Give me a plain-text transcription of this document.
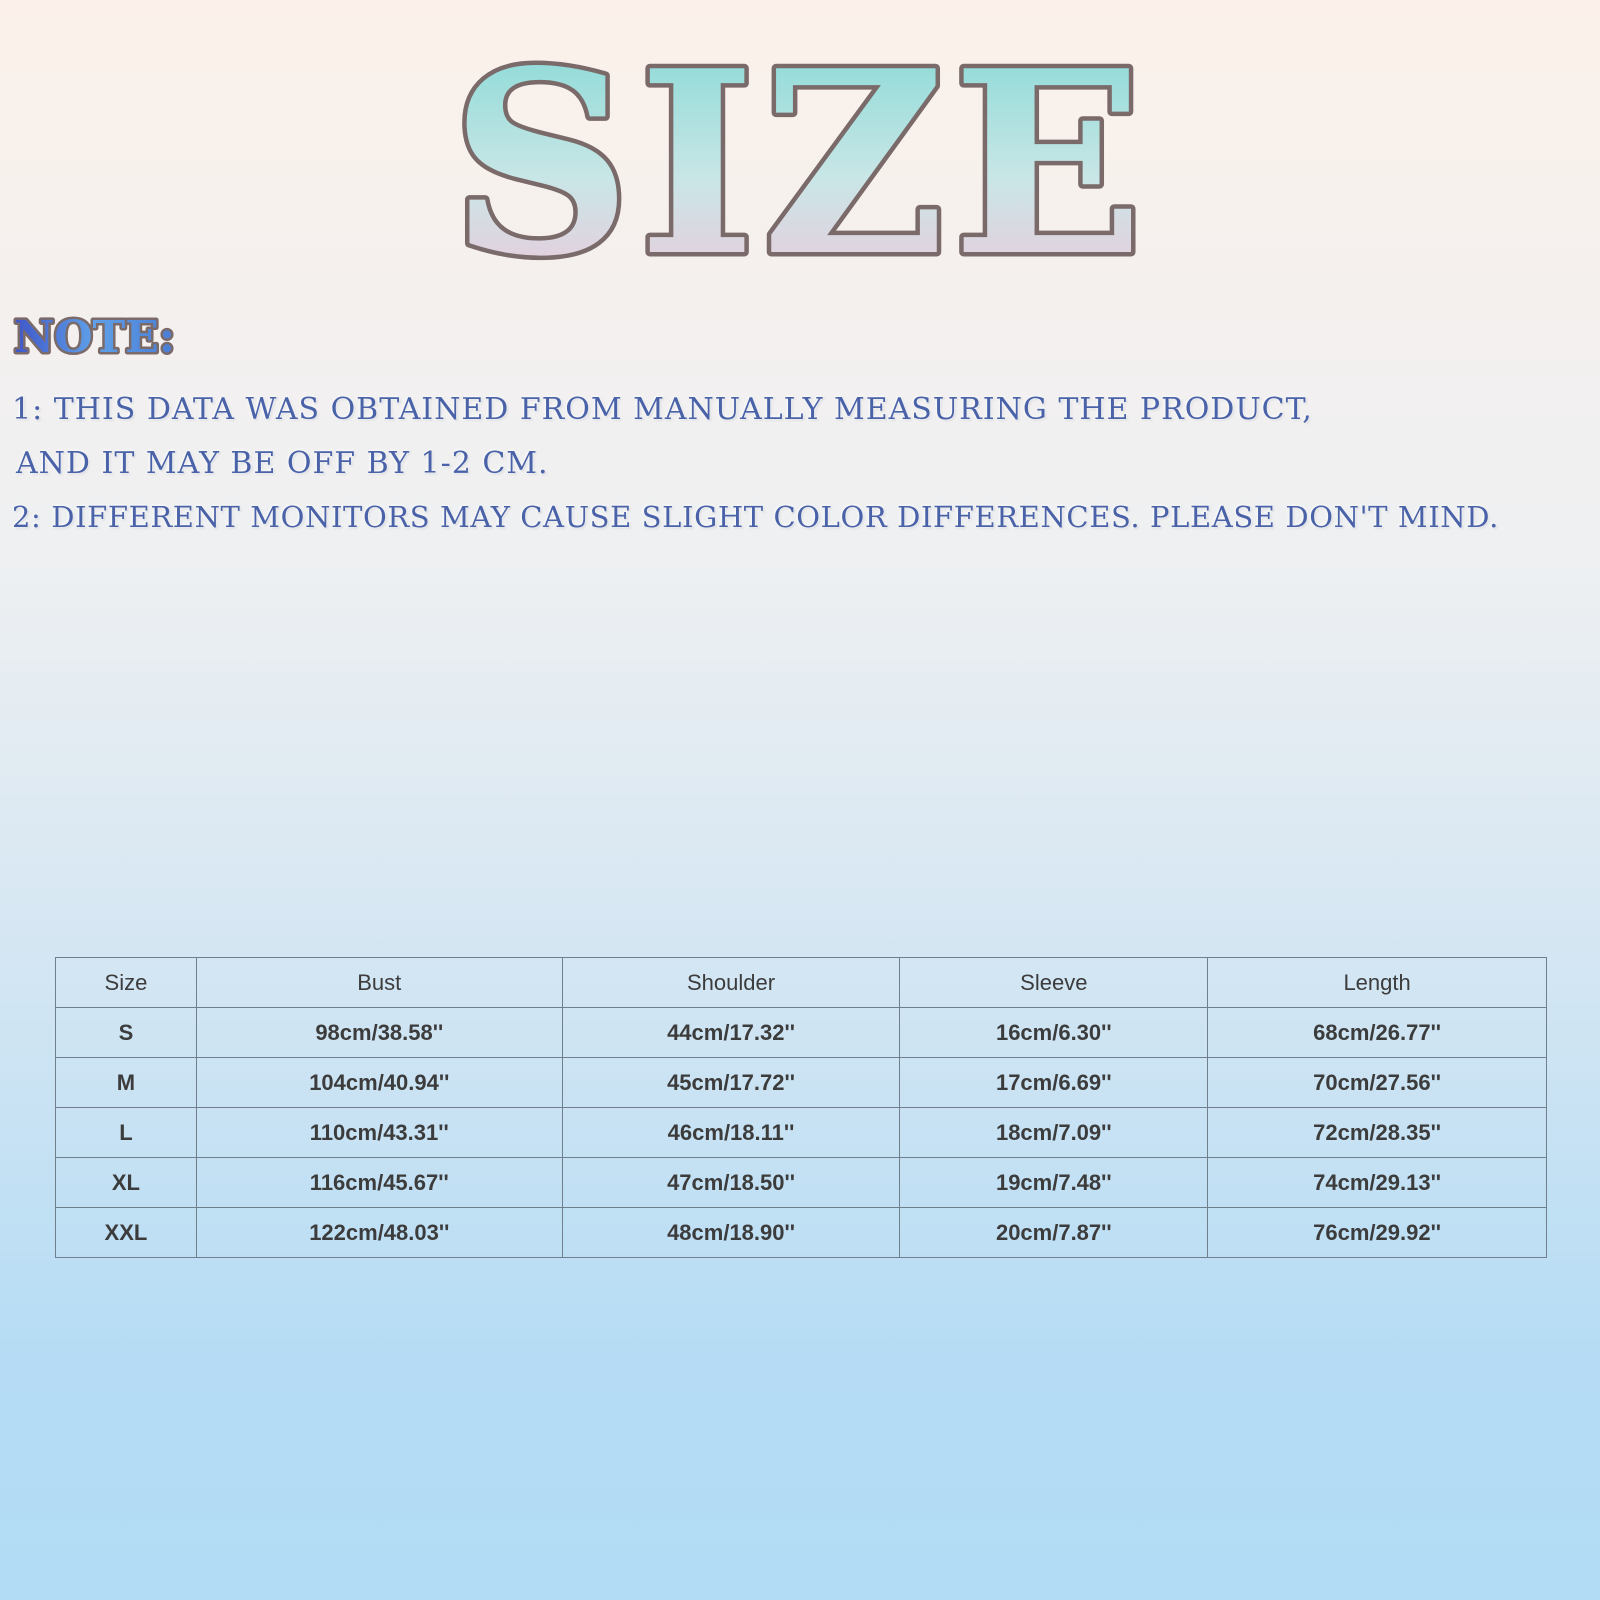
SIZE
NOTE:
1: THIS DATA WAS OBTAINED FROM MANUALLY MEASURING THE PRODUCT,
AND IT MAY BE OFF BY 1-2 CM.
2: DIFFERENT MONITORS MAY CAUSE SLIGHT COLOR DIFFERENCES. PLEASE DON'T MIND.
Size	Bust	Shoulder	Sleeve	Length
S	98cm/38.58''	44cm/17.32''	16cm/6.30''	68cm/26.77''
M	104cm/40.94''	45cm/17.72''	17cm/6.69''	70cm/27.56''
L	110cm/43.31''	46cm/18.11''	18cm/7.09''	72cm/28.35''
XL	116cm/45.67''	47cm/18.50''	19cm/7.48''	74cm/29.13''
XXL	122cm/48.03''	48cm/18.90''	20cm/7.87''	76cm/29.92''
